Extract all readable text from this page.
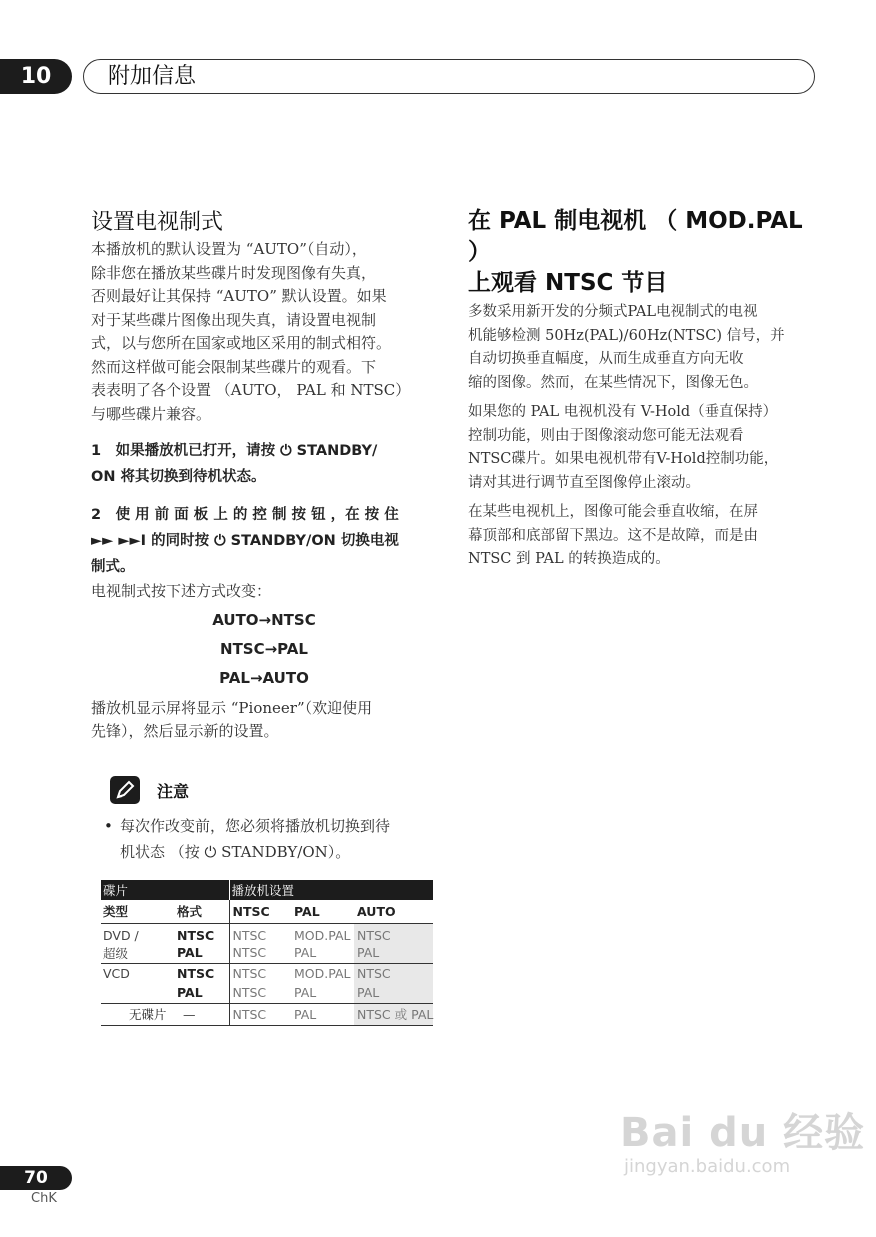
10	附加信息
设置电视制式

本播放机的默认设置为 “AUTO”（自动），

除非您在播放某些碟片时发现图像有失真，

否则最好让其保持 “AUTO” 默认设置。如果

对于某些碟片图像出现失真，请设置电视制

式，以与您所在国家或地区采用的制式相符。

然而这样做可能会限制某些碟片的观看。下

表表明了各个设置 （AUTO， PAL 和 NTSC）

与哪些碟片兼容。

1　如果播放机已打开，请按 ⏻ STANDBY/

ON 将其切换到待机状态。

2　使 用 前 面 板 上 的 控 制 按 钮 ，在 按 住

►► ►►I 的同时按 ⏻ STANDBY/ON 切换电视

制式。

电视制式按下述方式改变：

AUTO→NTSC
NTSC→PAL
PAL→AUTO

播放机显示屏将显示 “Pioneer”（欢迎使用

先锋），然后显示新的设置。

注意
• 每次作改变前，您必须将播放机切换到待

机状态 （按 ⏻ STANDBY/ON）。

碟片		播放机设置		
类型	格式	NTSC	PAL	AUTO
DVD /	NTSC	NTSC	MOD.PAL	NTSC
超级	PAL	NTSC	PAL	PAL
VCD	NTSC	NTSC	MOD.PAL	NTSC
	PAL	NTSC	PAL	PAL
无碟片	—	NTSC	PAL	NTSC 或 PAL
在 PAL 制电视机 （ MOD.PAL ）
上观看 NTSC 节目

多数采用新开发的分频式PAL电视制式的电视

机能够检测 50Hz(PAL)/60Hz(NTSC) 信号，并

自动切换垂直幅度，从而生成垂直方向无收

缩的图像。然而，在某些情况下，图像无色。

如果您的 PAL 电视机没有 V-Hold（垂直保持）

控制功能，则由于图像滚动您可能无法观看

NTSC碟片。如果电视机带有V-Hold控制功能，

请对其进行调节直至图像停止滚动。

在某些电视机上，图像可能会垂直收缩，在屏

幕顶部和底部留下黑边。这不是故障，而是由

NTSC 到 PAL 的转换造成的。

Bai du 经验
jingyan.baidu.com
70
ChK
